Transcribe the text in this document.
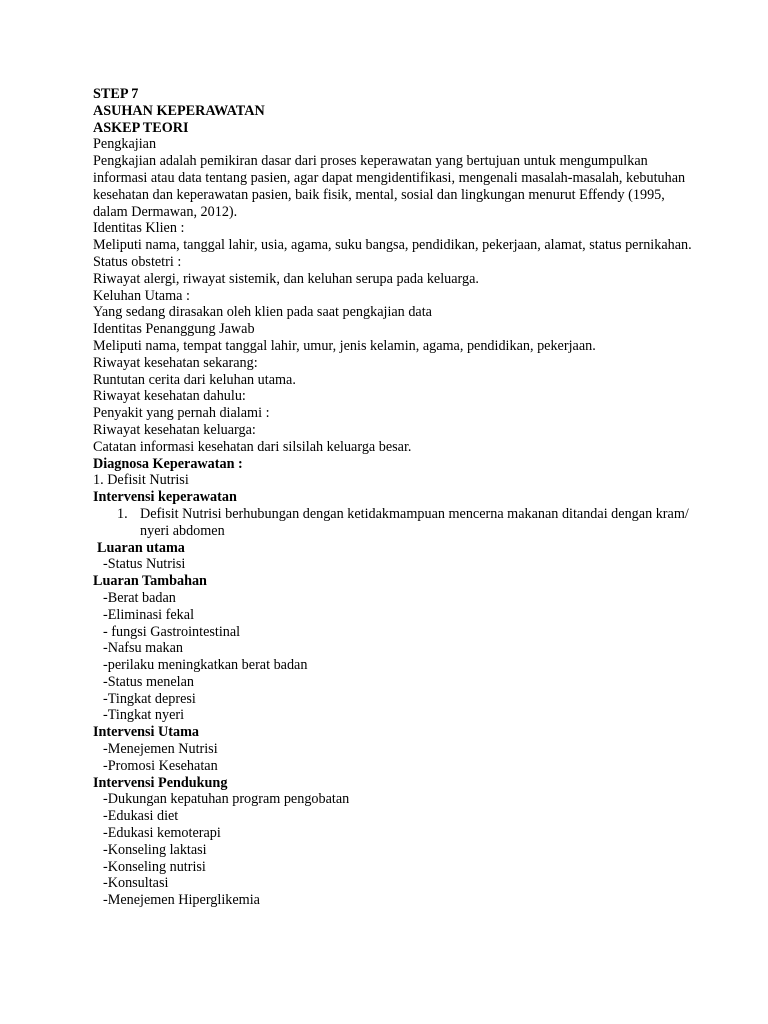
STEP 7

ASUHAN KEPERAWATAN

ASKEP TEORI

Pengkajian

Pengkajian adalah pemikiran dasar dari proses keperawatan yang bertujuan untuk mengumpulkan informasi atau data tentang pasien, agar dapat mengidentifikasi, mengenali masalah-masalah, kebutuhan kesehatan dan keperawatan pasien, baik fisik, mental, sosial dan lingkungan menurut Effendy (1995, dalam Dermawan, 2012).

Identitas Klien :

Meliputi nama, tanggal lahir, usia, agama, suku bangsa, pendidikan, pekerjaan, alamat, status pernikahan.

Status obstetri :

Riwayat alergi, riwayat sistemik, dan keluhan serupa pada keluarga.

Keluhan Utama :

Yang sedang dirasakan oleh klien pada saat pengkajian data

Identitas Penanggung Jawab

Meliputi nama, tempat tanggal lahir, umur, jenis kelamin, agama, pendidikan, pekerjaan.

Riwayat kesehatan sekarang:

Runtutan cerita dari keluhan utama.

Riwayat kesehatan dahulu:

Penyakit yang pernah dialami :

Riwayat kesehatan keluarga:

Catatan informasi kesehatan dari silsilah keluarga besar.

Diagnosa Keperawatan :

1. Defisit Nutrisi

Intervensi keperawatan

1. Defisit Nutrisi berhubungan dengan ketidakmampuan mencerna makanan ditandai dengan kram/ nyeri abdomen

Luaran utama

-Status Nutrisi

Luaran Tambahan

-Berat badan

-Eliminasi fekal

- fungsi Gastrointestinal

-Nafsu makan

-perilaku meningkatkan berat badan

-Status menelan

-Tingkat depresi

-Tingkat nyeri

Intervensi Utama

-Menejemen Nutrisi

-Promosi Kesehatan

Intervensi Pendukung

-Dukungan kepatuhan program pengobatan

-Edukasi diet

-Edukasi kemoterapi

-Konseling laktasi

-Konseling nutrisi

-Konsultasi

-Menejemen Hiperglikemia
